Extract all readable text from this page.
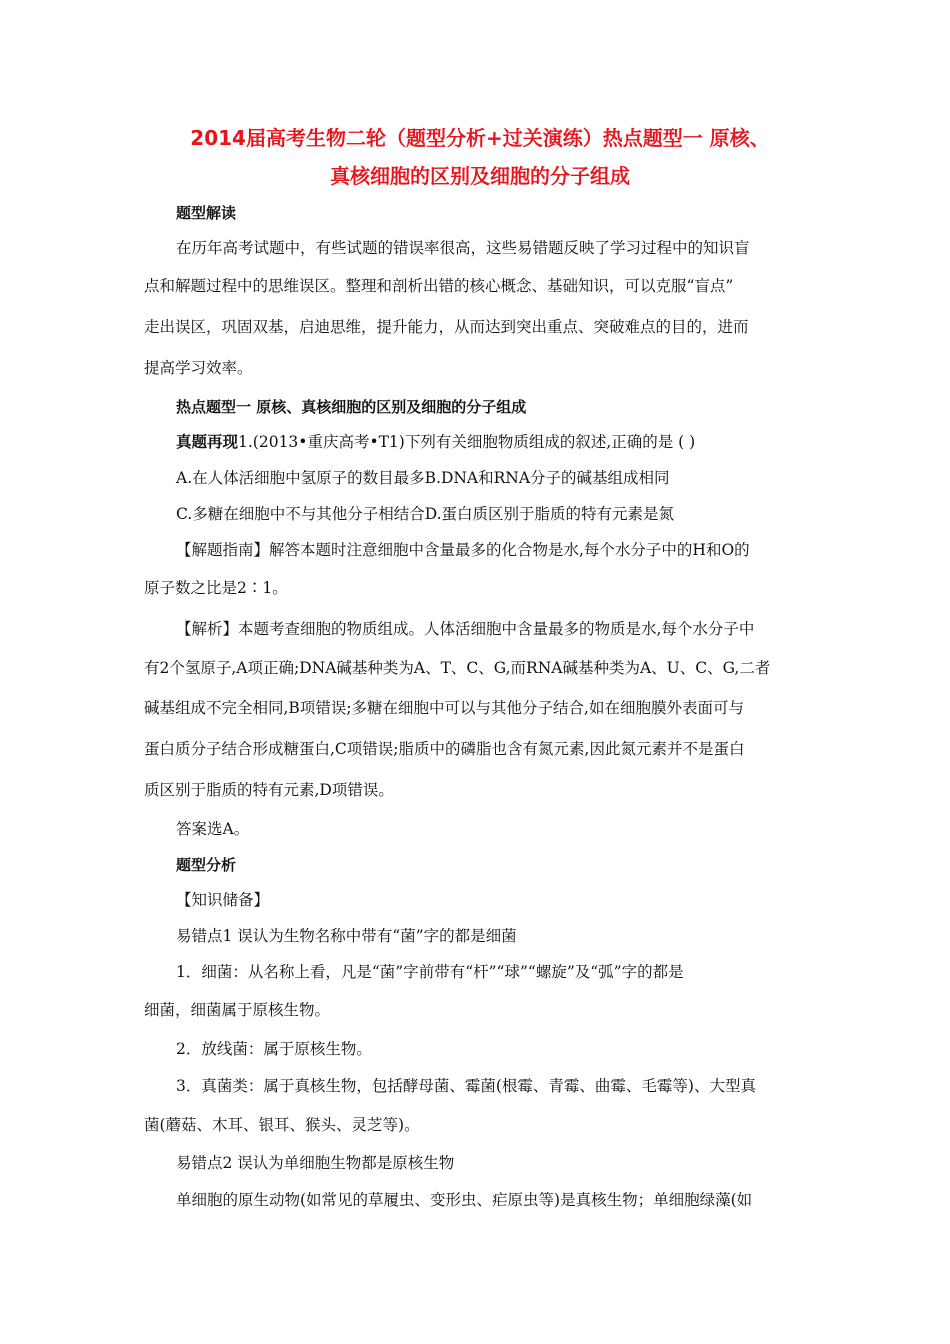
2014届高考生物二轮（题型分析+过关演练）热点题型一 原核、
真核细胞的区别及细胞的分子组成
题型解读
在历年高考试题中，有些试题的错误率很高，这些易错题反映了学习过程中的知识盲
点和解题过程中的思维误区。整理和剖析出错的核心概念、基础知识，可以克服“盲点”
走出误区，巩固双基，启迪思维，提升能力，从而达到突出重点、突破难点的目的，进而
提高学习效率。
热点题型一 原核、真核细胞的区别及细胞的分子组成
真题再现1.(2013•重庆高考•T1)下列有关细胞物质组成的叙述,正确的是 ( )
A.在人体活细胞中氢原子的数目最多B.DNA和RNA分子的碱基组成相同
C.多糖在细胞中不与其他分子相结合D.蛋白质区别于脂质的特有元素是氮
【解题指南】解答本题时注意细胞中含量最多的化合物是水,每个水分子中的H和O的
原子数之比是2∶1。
【解析】本题考查细胞的物质组成。人体活细胞中含量最多的物质是水,每个水分子中
有2个氢原子,A项正确;DNA碱基种类为A、T、C、G,而RNA碱基种类为A、U、C、G,二者
碱基组成不完全相同,B项错误;多糖在细胞中可以与其他分子结合,如在细胞膜外表面可与
蛋白质分子结合形成糖蛋白,C项错误;脂质中的磷脂也含有氮元素,因此氮元素并不是蛋白
质区别于脂质的特有元素,D项错误。
答案选A。
题型分析
【知识储备】
易错点1 误认为生物名称中带有“菌”字的都是细菌
1．细菌：从名称上看，凡是“菌”字前带有“杆”“球”“螺旋”及“弧”字的都是
细菌，细菌属于原核生物。
2．放线菌：属于原核生物。
3．真菌类：属于真核生物，包括酵母菌、霉菌(根霉、青霉、曲霉、毛霉等)、大型真
菌(蘑菇、木耳、银耳、猴头、灵芝等)。
易错点2 误认为单细胞生物都是原核生物
单细胞的原生动物(如常见的草履虫、变形虫、疟原虫等)是真核生物；单细胞绿藻(如
